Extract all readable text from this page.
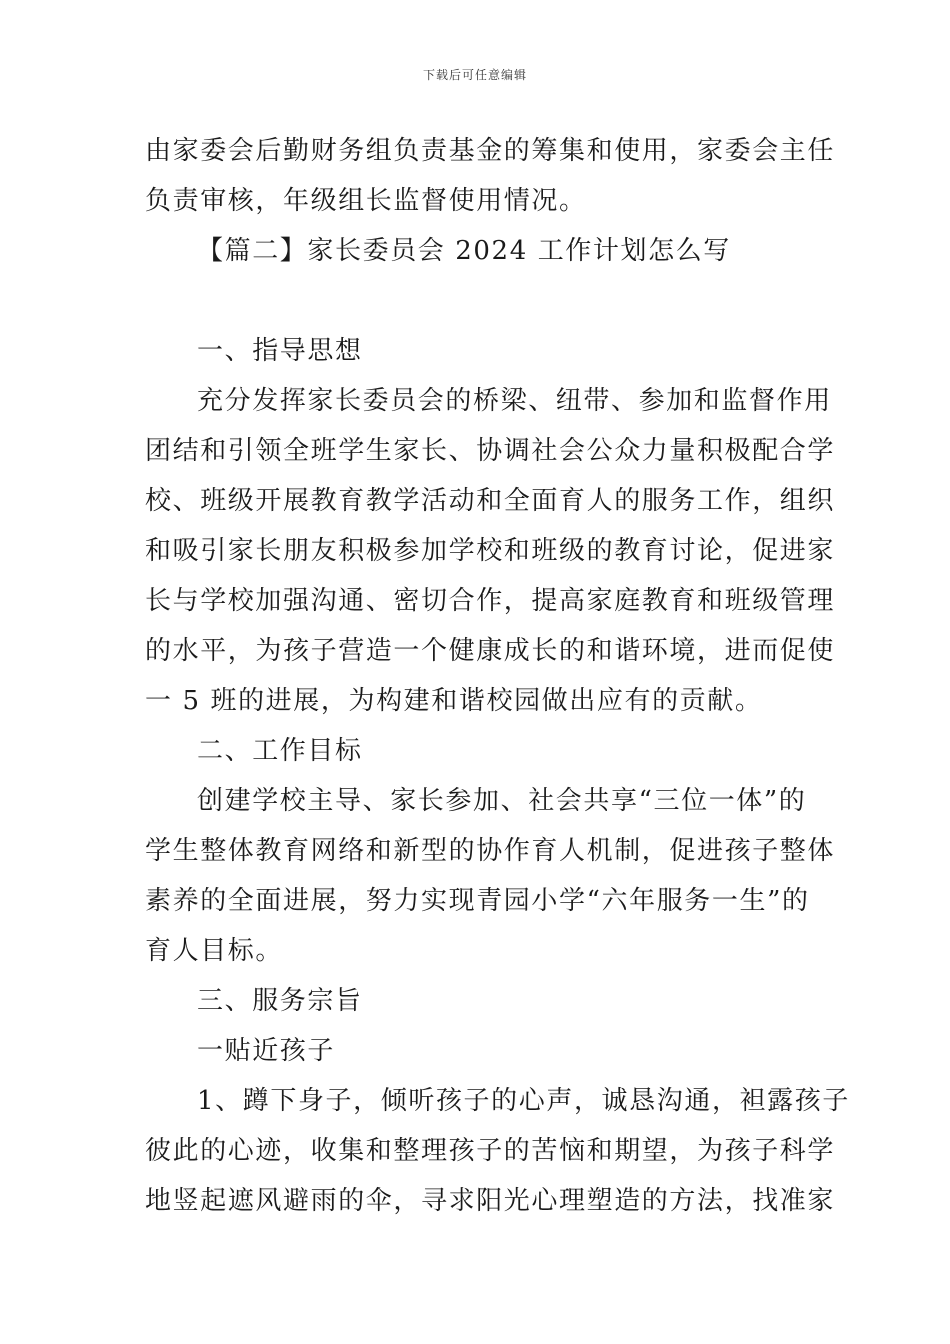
下载后可任意编辑
由家委会后勤财务组负责基金的筹集和使用，家委会主任
负责审核，年级组长监督使用情况。
【篇二】家长委员会 2024 工作计划怎么写
一、指导思想
充分发挥家长委员会的桥梁、纽带、参加和监督作用
团结和引领全班学生家长、协调社会公众力量积极配合学
校、班级开展教育教学活动和全面育人的服务工作，组织
和吸引家长朋友积极参加学校和班级的教育讨论，促进家
长与学校加强沟通、密切合作，提高家庭教育和班级管理
的水平，为孩子营造一个健康成长的和谐环境，进而促使
一 5 班的进展，为构建和谐校园做出应有的贡献。
二、工作目标
创建学校主导、家长参加、社会共享“三位一体”的
学生整体教育网络和新型的协作育人机制，促进孩子整体
素养的全面进展，努力实现青园小学“六年服务一生”的
育人目标。
三、服务宗旨
一贴近孩子
1、蹲下身子，倾听孩子的心声，诚恳沟通，袒露孩子
彼此的心迹，收集和整理孩子的苦恼和期望，为孩子科学
地竖起遮风避雨的伞，寻求阳光心理塑造的方法，找准家
